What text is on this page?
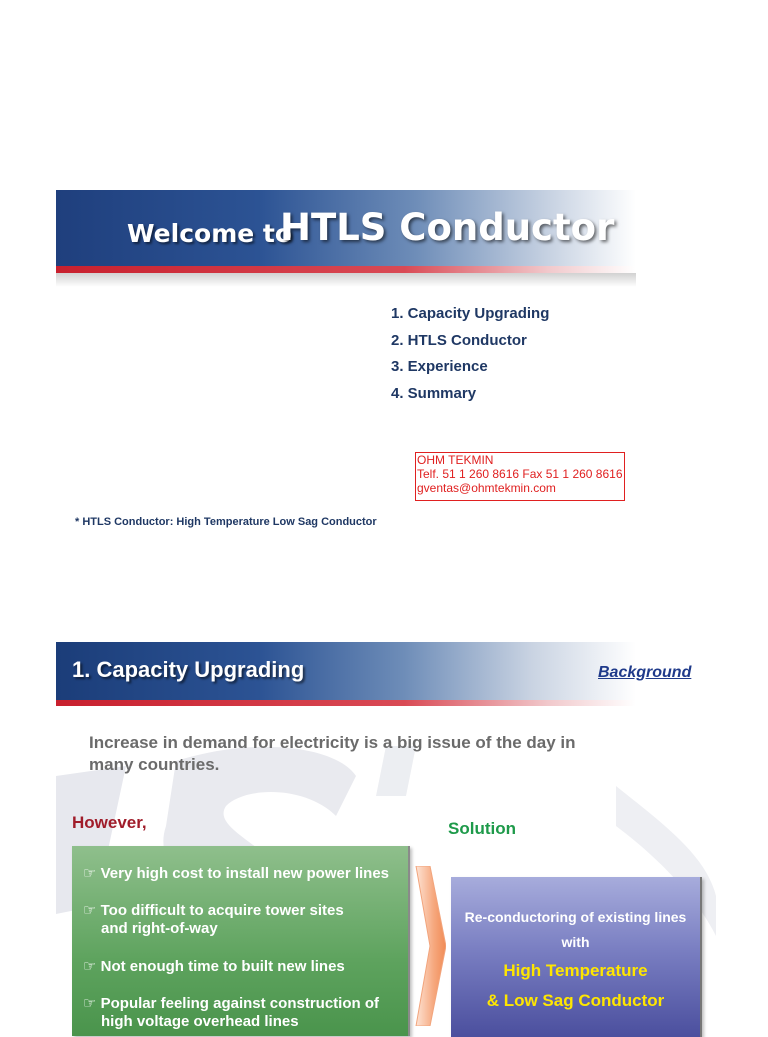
Welcome to
HTLS Conductor
1. Capacity Upgrading
2. HTLS Conductor
3. Experience
4. Summary
OHM TEKMIN
Telf. 51 1 260 8616 Fax 51 1 260 8616
gventas@ohmtekmin.com
* HTLS Conductor: High Temperature Low Sag Conductor
1. Capacity Upgrading	Background
Increase in demand for electricity is a big issue of the day in many countries.
However,	Solution
☞ Very high cost to install new power lines
☞ Too difficult to acquire tower sites
and right-of-way
☞ Not enough time to built new lines
☞ Popular feeling against construction of
high voltage overhead lines
Re-conductoring of existing lines
with
High Temperature
& Low Sag Conductor
